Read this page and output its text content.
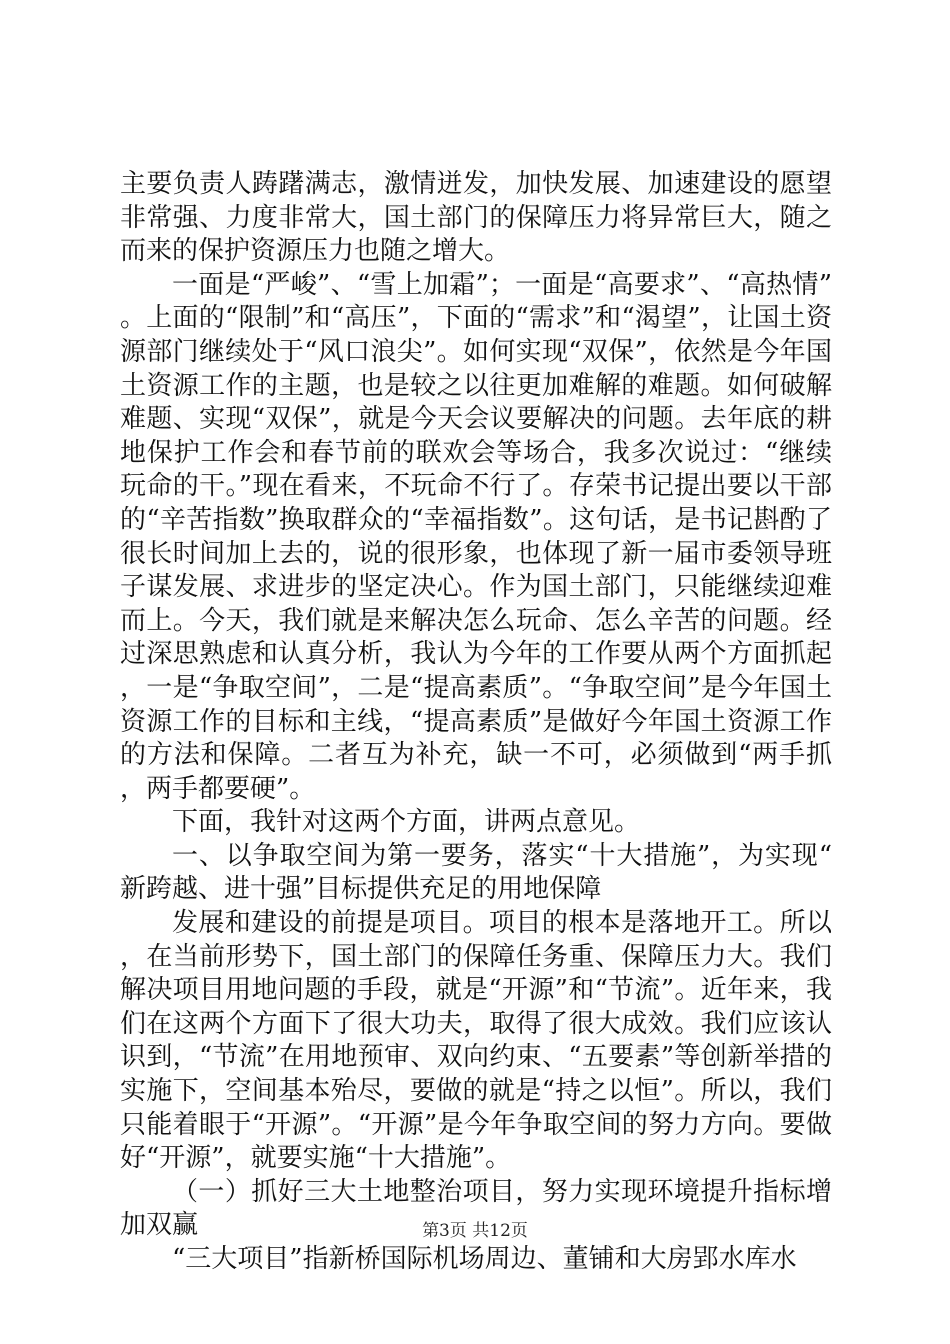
主要负责人踌躇满志，激情迸发，加快发展、加速建设的愿望非常强、力度非常大，国土部门的保障压力将异常巨大，随之而来的保护资源压力也随之增大。

一面是“严峻”、“雪上加霜”；一面是“高要求”、“高热情”。上面的“限制”和“高压”，下面的“需求”和“渴望”，让国土资源部门继续处于“风口浪尖”。如何实现“双保”，依然是今年国土资源工作的主题，也是较之以往更加难解的难题。如何破解难题、实现“双保”，就是今天会议要解决的问题。去年底的耕地保护工作会和春节前的联欢会等场合，我多次说过：“继续玩命的干。”现在看来，不玩命不行了。存荣书记提出要以干部的“辛苦指数”换取群众的“幸福指数”。这句话，是书记斟酌了很长时间加上去的，说的很形象，也体现了新一届市委领导班子谋发展、求进步的坚定决心。作为国土部门，只能继续迎难而上。今天，我们就是来解决怎么玩命、怎么辛苦的问题。经过深思熟虑和认真分析，我认为今年的工作要从两个方面抓起，一是“争取空间”，二是“提高素质”。“争取空间”是今年国土资源工作的目标和主线，“提高素质”是做好今年国土资源工作的方法和保障。二者互为补充，缺一不可，必须做到“两手抓，两手都要硬”。

下面，我针对这两个方面，讲两点意见。

一、以争取空间为第一要务，落实“十大措施”，为实现“新跨越、进十强”目标提供充足的用地保障

发展和建设的前提是项目。项目的根本是落地开工。所以，在当前形势下，国土部门的保障任务重、保障压力大。我们解决项目用地问题的手段，就是“开源”和“节流”。近年来，我们在这两个方面下了很大功夫，取得了很大成效。我们应该认识到，“节流”在用地预审、双向约束、“五要素”等创新举措的实施下，空间基本殆尽，要做的就是“持之以恒”。所以，我们只能着眼于“开源”。“开源”是今年争取空间的努力方向。要做好“开源”，就要实施“十大措施”。

（一）抓好三大土地整治项目，努力实现环境提升指标增加双赢

“三大项目”指新桥国际机场周边、董铺和大房郢水库水

第3页 共12页
